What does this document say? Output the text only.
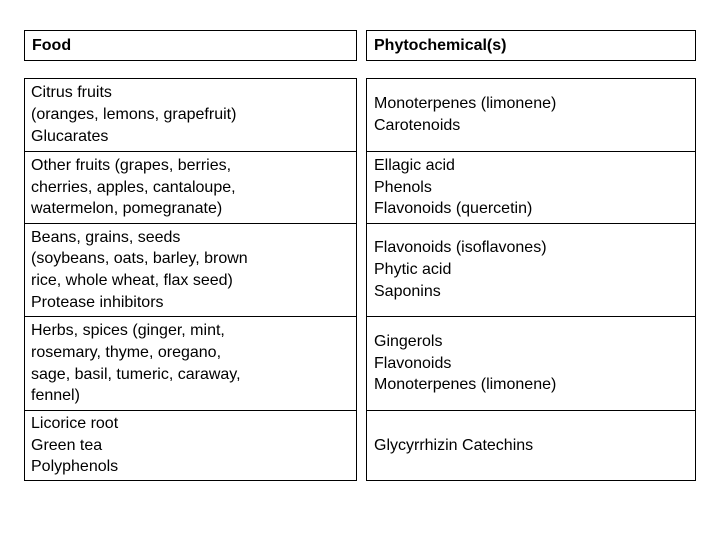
Food	Phytochemical(s)
Citrus fruits
(oranges, lemons, grapefruit)
Glucarates
Other fruits (grapes, berries,
cherries, apples, cantaloupe,
watermelon, pomegranate)
Beans, grains, seeds
(soybeans, oats, barley, brown
rice, whole wheat, flax seed)
Protease inhibitors
Herbs, spices (ginger, mint,
rosemary, thyme, oregano,
sage, basil, tumeric, caraway,
fennel)
Licorice root
Green tea
Polyphenols
Monoterpenes (limonene)
Carotenoids
Ellagic acid
Phenols
Flavonoids (quercetin)
Flavonoids (isoflavones)
Phytic acid
Saponins
Gingerols
Flavonoids
Monoterpenes (limonene)
Glycyrrhizin Catechins
